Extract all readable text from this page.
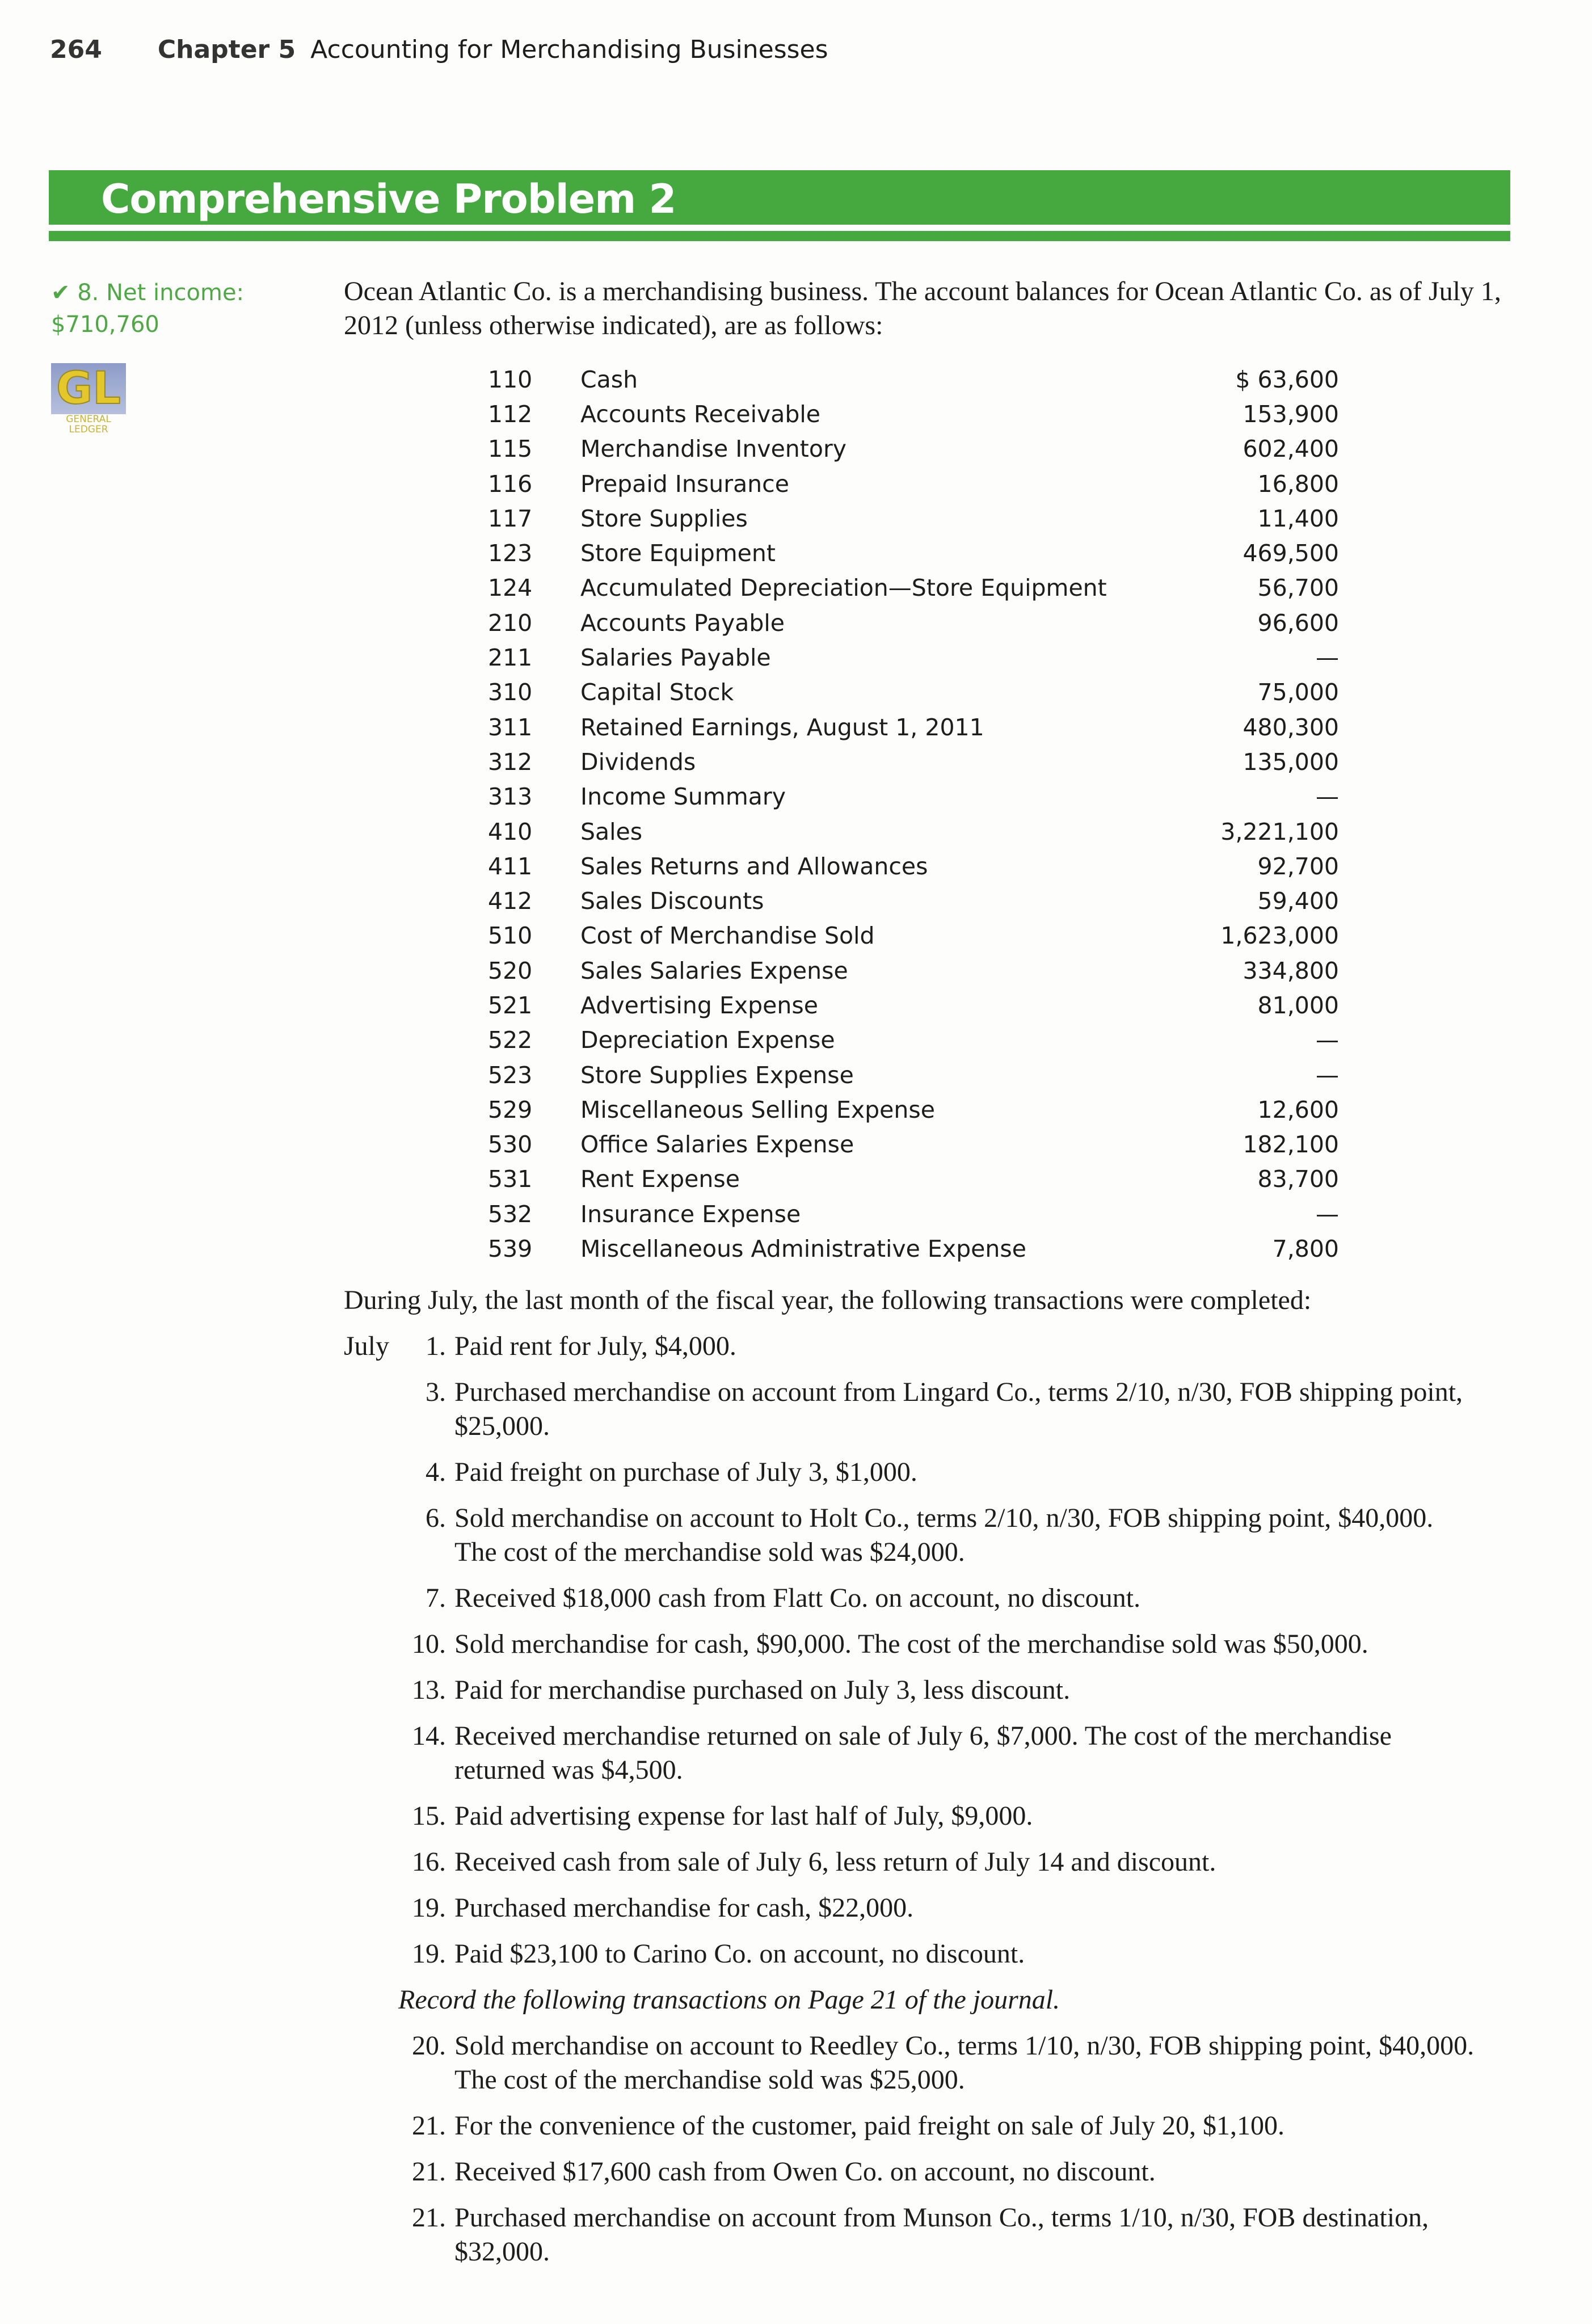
264 Chapter 5 Accounting for Merchandising Businesses
Comprehensive Problem 2
✔ 8. Net income:
$710,760
GL
GENERAL
LEDGER
Ocean Atlantic Co. is a merchandising business. The account balances for Ocean Atlantic Co. as of July 1, 2012 (unless otherwise indicated), are as follows:
110	Cash	$ 63,600
112	Accounts Receivable	153,900
115	Merchandise Inventory	602,400
116	Prepaid Insurance	16,800
117	Store Supplies	11,400
123	Store Equipment	469,500
124	Accumulated Depreciation—Store Equipment	56,700
210	Accounts Payable	96,600
211	Salaries Payable	—
310	Capital Stock	75,000
311	Retained Earnings, August 1, 2011	480,300
312	Dividends	135,000
313	Income Summary	—
410	Sales	3,221,100
411	Sales Returns and Allowances	92,700
412	Sales Discounts	59,400
510	Cost of Merchandise Sold	1,623,000
520	Sales Salaries Expense	334,800
521	Advertising Expense	81,000
522	Depreciation Expense	—
523	Store Supplies Expense	—
529	Miscellaneous Selling Expense	12,600
530	Office Salaries Expense	182,100
531	Rent Expense	83,700
532	Insurance Expense	—
539	Miscellaneous Administrative Expense	7,800
During July, the last month of the fiscal year, the following transactions were completed:
July	1. Paid rent for July, $4,000.
3. Purchased merchandise on account from Lingard Co., terms 2/10, n/30, FOB shipping point, $25,000.
4. Paid freight on purchase of July 3, $1,000.
6. Sold merchandise on account to Holt Co., terms 2/10, n/30, FOB shipping point, $40,000. The cost of the merchandise sold was $24,000.
7. Received $18,000 cash from Flatt Co. on account, no discount.
10. Sold merchandise for cash, $90,000. The cost of the merchandise sold was $50,000.
13. Paid for merchandise purchased on July 3, less discount.
14. Received merchandise returned on sale of July 6, $7,000. The cost of the merchandise returned was $4,500.
15. Paid advertising expense for last half of July, $9,000.
16. Received cash from sale of July 6, less return of July 14 and discount.
19. Purchased merchandise for cash, $22,000.
19. Paid $23,100 to Carino Co. on account, no discount.
Record the following transactions on Page 21 of the journal.
20. Sold merchandise on account to Reedley Co., terms 1/10, n/30, FOB shipping point, $40,000. The cost of the merchandise sold was $25,000.
21. For the convenience of the customer, paid freight on sale of July 20, $1,100.
21. Received $17,600 cash from Owen Co. on account, no discount.
21. Purchased merchandise on account from Munson Co., terms 1/10, n/30, FOB destination, $32,000.
